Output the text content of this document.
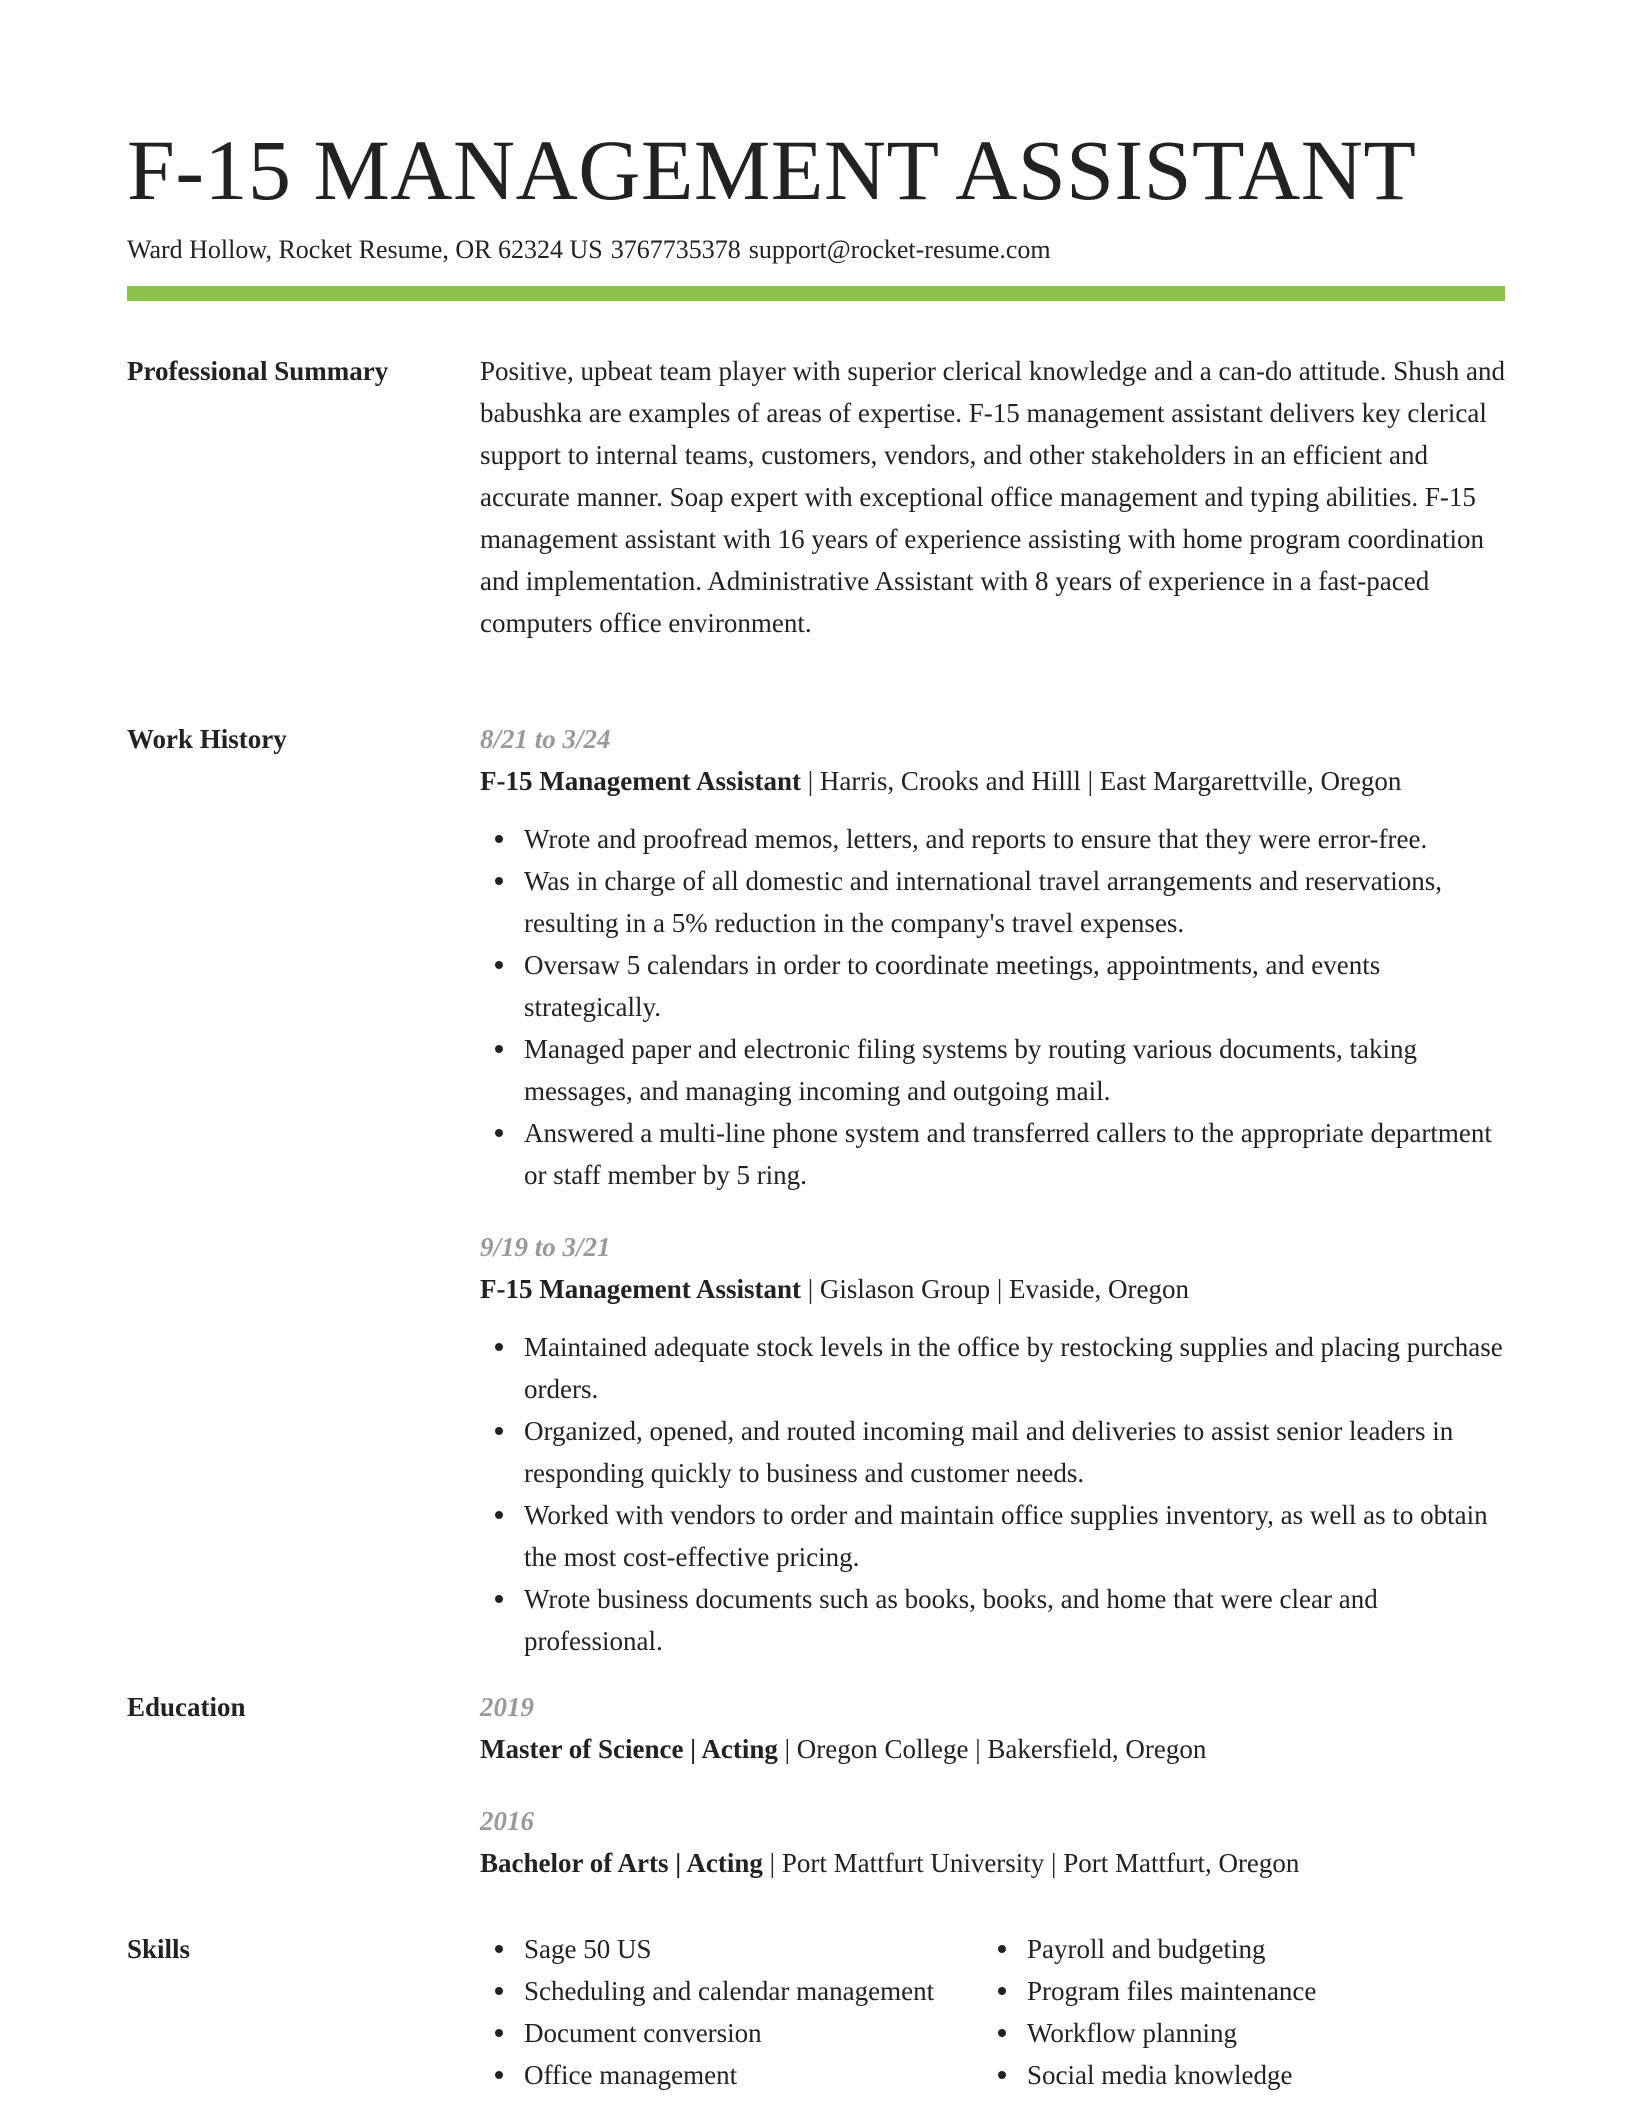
F-15 MANAGEMENT ASSISTANT
Ward Hollow, Rocket Resume, OR 62324 US 3767735378 support@rocket-resume.com
Professional Summary	Positive, upbeat team player with superior clerical knowledge and a can-do attitude. Shush and babushka are examples of areas of expertise. F-15 management assistant delivers key clerical support to internal teams, customers, vendors, and other stakeholders in an efficient and accurate manner. Soap expert with exceptional office management and typing abilities. F-15 management assistant with 16 years of experience assisting with home program coordination and implementation. Administrative Assistant with 8 years of experience in a fast-paced computers office environment.

Work History	8/21 to 3/24
F-15 Management Assistant | Harris, Crooks and Hilll | East Margarettville, Oregon
Wrote and proofread memos, letters, and reports to ensure that they were error-free.
Was in charge of all domestic and international travel arrangements and reservations, resulting in a 5% reduction in the company's travel expenses.
Oversaw 5 calendars in order to coordinate meetings, appointments, and events strategically.
Managed paper and electronic filing systems by routing various documents, taking messages, and managing incoming and outgoing mail.
Answered a multi-line phone system and transferred callers to the appropriate department or staff member by 5 ring.
9/19 to 3/21
F-15 Management Assistant | Gislason Group | Evaside, Oregon
Maintained adequate stock levels in the office by restocking supplies and placing purchase orders.
Organized, opened, and routed incoming mail and deliveries to assist senior leaders in responding quickly to business and customer needs.
Worked with vendors to order and maintain office supplies inventory, as well as to obtain the most cost-effective pricing.
Wrote business documents such as books, books, and home that were clear and professional.
Education	2019
Master of Science | Acting | Oregon College | Bakersfield, Oregon
2016
Bachelor of Arts | Acting | Port Mattfurt University | Port Mattfurt, Oregon
Skills	Sage 50 US
Scheduling and calendar management
Document conversion
Office management
Payroll and budgeting
Program files maintenance
Workflow planning
Social media knowledge
